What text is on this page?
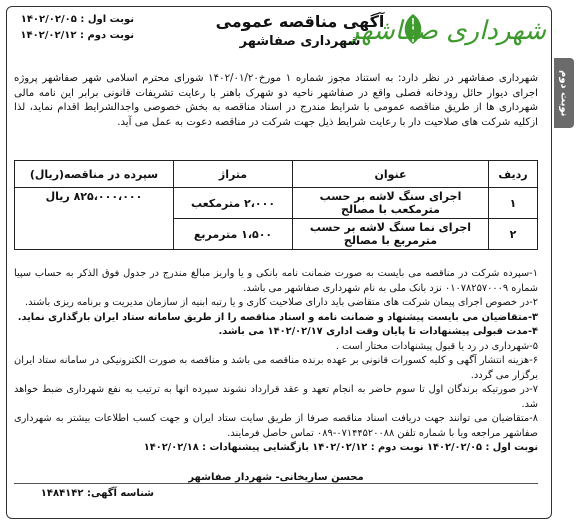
نوبت دوم
شهرداری صفاشهر
آگهی مناقصه عمومی
شهرداری صفاشهر
نوبت اول : ۱۴۰۲/۰۲/۰۵
نوبت دوم : ۱۴۰۲/۰۲/۱۲
شهرداری صفاشهر در نظر دارد: به استناد مجوز شماره ۱ مورخ۱۴۰۲/۰۱/۲۰ شورای محترم اسلامی شهر صفاشهر پروژه اجرای دیوار حائل رودخانه فصلی واقع در صفاشهر ناحیه دو شهرک باهنر با رعایت تشریفات قانونی برابر این نامه مالی شهرداری ها از طریق مناقصه عمومی با شرایط مندرج در اسناد مناقصه به بخش خصوصی واجدالشرایط اقدام نماید، لذا ازکلیه شرکت های صلاحیت دار با رعایت شرایط ذیل جهت شرکت در مناقصه دعوت به عمل می آید.
ردیف	عنوان	متراژ	سپرده در مناقصه(ریال)
۱	اجرای سنگ لاشه بر حسب مترمکعب با مصالح	۲،۰۰۰ مترمکعب	۸۲۵،۰۰۰،۰۰۰ ریال
۲	اجرای نما سنگ لاشه بر حسب مترمربع با مصالح	۱،۵۰۰ مترمربع	

۱-سپرده شرکت در مناقصه می بایست به صورت ضمانت نامه بانکی و یا واریز مبالغ مندرج در جدول فوق الذکر به حساب سپیا شماره ۰۱۰۷۸۲۵۷۰۰۰۹ نزد بانک ملی به نام شهرداری صفاشهر می باشد.

۲-در خصوص اجرای پیمان شرکت های متقاضی باید دارای صلاحیت کاری و یا رتبه ابنیه از سازمان مدیریت و برنامه ریزی باشند.

۳-متقاضیان می بایست پیشنهاد و ضمانت نامه و اسناد مناقصه را از طریق سامانه ستاد ایران بارگذاری نماید.

۴-مدت قبولی پیشنهادات تا پایان وقت اداری ۱۴۰۲/۰۲/۱۷ می باشد.

۵-شهرداری در رد یا قبول پیشنهادات مختار است .

۶-هزینه انتشار آگهی و کلیه کسورات قانونی بر عهده برنده مناقصه می باشد و مناقصه به صورت الکترونیکی در سامانه ستاد ایران برگزار می گردد.

۷-در صورتیکه برندگان اول تا سوم حاضر به انجام تعهد و عقد قرارداد نشوند سپرده انها به ترتیب به نفع شهرداری ضبط خواهد شد.

۸-متقاضیان می توانند جهت دریافت اسناد مناقصه صرفا از طریق سایت ستاد ایران و جهت کسب اطلاعات بیشتر به شهرداری صفاشهر مراجعه ویا با شماره تلفن ۰۷۱۴۴۵۲۰۰۸۸-۰۸۹ تماس حاصل فرمایند.

نوبت اول : ۱۴۰۲/۰۲/۰۵ نوبت دوم : ۱۴۰۲/۰۲/۱۲ بازگشایی پیشنهادات : ۱۴۰۲/۰۲/۱۸

محسن ساریخانی- شهردار صفاشهر
شناسه آگهی: ۱۴۸۴۱۴۲
